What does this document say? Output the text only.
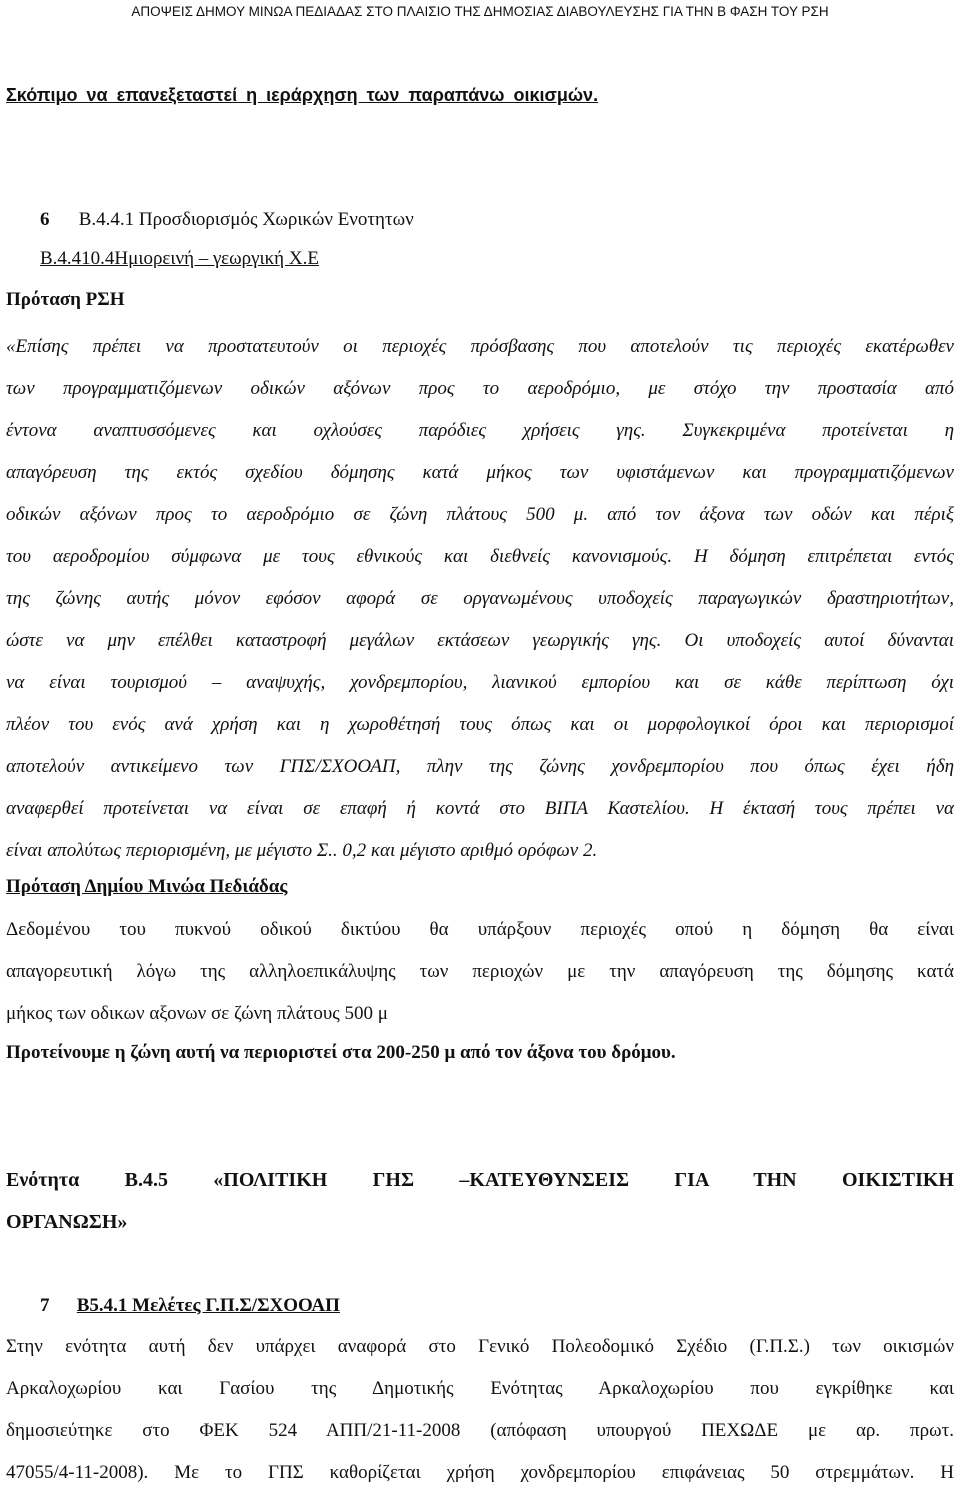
ΑΠΟΨΕΙΣ ΔΗΜΟΥ ΜΙΝΩΑ ΠΕΔΙΑΔΑΣ ΣΤΟ ΠΛΑΙΣΙΟ ΤΗΣ ΔΗΜΟΣΙΑΣ ΔΙΑΒΟΥΛΕΥΣΗΣ ΓΙΑ ΤΗΝ Β ΦΑΣΗ ΤΟΥ ΡΣΗ
Σκόπιμο να επανεξεταστεί η ιεράρχηση των παραπάνω οικισμών.
6 Β.4.4.1 Προσδιορισμός Χωρικών Ενοτητων
Β.4.410.4Ημιορεινή – γεωργική Χ.Ε
Πρόταση ΡΣΗ
«Επίσης πρέπει να προστατευτούν οι περιοχές πρόσβασης που αποτελούν τις περιοχές εκατέρωθεν
των προγραμματιζόμενων οδικών αξόνων προς το αεροδρόμιο, με στόχο την προστασία από
έντονα αναπτυσσόμενες και οχλούσες παρόδιες χρήσεις γης. Συγκεκριμένα προτείνεται η
απαγόρευση της εκτός σχεδίου δόμησης κατά μήκος των υφιστάμενων και προγραμματιζόμενων
οδικών αξόνων προς το αεροδρόμιο σε ζώνη πλάτους 500 μ. από τον άξονα των οδών και πέριξ
του αεροδρομίου σύμφωνα με τους εθνικούς και διεθνείς κανονισμούς. Η δόμηση επιτρέπεται εντός
της ζώνης αυτής μόνον εφόσον αφορά σε οργανωμένους υποδοχείς παραγωγικών δραστηριοτήτων,
ώστε να μην επέλθει καταστροφή μεγάλων εκτάσεων γεωργικής γης. Οι υποδοχείς αυτοί δύνανται
να είναι τουρισμού – αναψυχής, χονδρεμπορίου, λιανικού εμπορίου και σε κάθε περίπτωση όχι
πλέον του ενός ανά χρήση και η χωροθέτησή τους όπως και οι μορφολογικοί όροι και περιορισμοί
αποτελούν αντικείμενο των ΓΠΣ/ΣΧΟΟΑΠ, πλην της ζώνης χονδρεμπορίου που όπως έχει ήδη
αναφερθεί προτείνεται να είναι σε επαφή ή κοντά στο ΒΙΠΑ Καστελίου. Η έκτασή τους πρέπει να
είναι απολύτως περιορισμένη, με μέγιστο Σ.. 0,2 και μέγιστο αριθμό ορόφων 2.
Πρόταση Δημίου Μινώα Πεδιάδας
Δεδομένου του πυκνού οδικού δικτύου θα υπάρξουν περιοχές οπού η δόμηση θα είναι
απαγορευτική λόγω της αλληλοεπικάλυψης των περιοχών με την απαγόρευση της δόμησης κατά
μήκος των οδικων αξονων σε ζώνη πλάτους 500 μ
Προτείνουμε η ζώνη αυτή να περιοριστεί στα 200-250 μ από τον άξονα του δρόμου.
Ενότητα Β.4.5 «ΠΟΛΙΤΙΚΗ ΓΗΣ –ΚΑΤΕΥΘΥΝΣΕΙΣ ΓΙΑ ΤΗΝ ΟΙΚΙΣΤΙΚΗ
ΟΡΓΑΝΩΣΗ»
7 Β5.4.1 Μελέτες Γ.Π.Σ/ΣΧΟΟΑΠ
Στην ενότητα αυτή δεν υπάρχει αναφορά στο Γενικό Πολεοδομικό Σχέδιο (Γ.Π.Σ.) των οικισμών
Αρκαλοχωρίου και Γασίου της Δημοτικής Ενότητας Αρκαλοχωρίου που εγκρίθηκε και
δημοσιεύτηκε στο ΦΕΚ 524 ΑΠΠ/21-11-2008 (απόφαση υπουργού ΠΕΧΩΔΕ με αρ. πρωτ.
47055/4-11-2008). Με το ΓΠΣ καθορίζεται χρήση χονδρεμπορίου επιφάνειας 50 στρεμμάτων. Η
